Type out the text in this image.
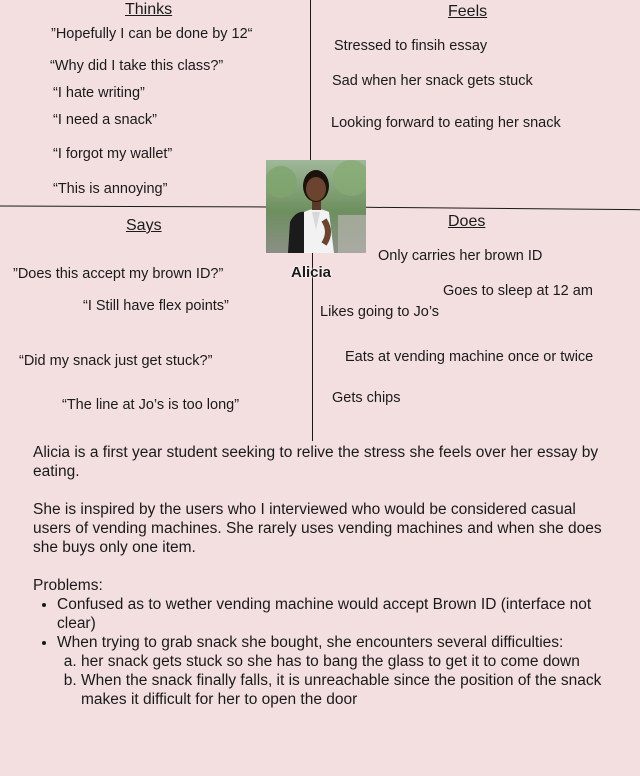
Thinks
”Hopefully I can be done by 12“
“Why did I take this class?”
“I hate writing”
“I need a snack”
“I forgot my wallet”
“This is annoying”
Feels
Stressed to finsih essay
Sad when her snack gets stuck
Looking forward to eating her snack
Alicia
Says
”Does this accept my brown ID?”
“I Still have flex points”
“Did my snack just get stuck?”
“The line at Jo’s is too long”
Does
Only carries her brown ID
Goes to sleep at 12 am
Likes going to Jo’s
Eats at vending machine once or twice
Gets chips

Alicia is a first year student seeking to relive the stress she feels over her essay by eating.

She is inspired by the users who I interviewed who would be considered casual users of vending machines. She rarely uses vending machines and when she does she buys only one item.

Problems:
• Confused as to wether vending machine would accept Brown ID (interface not clear)
• When trying to grab snack she bought, she encounters several difficulties:
a. her snack gets stuck so she has to bang the glass to get it to come down
b. When the snack finally falls, it is unreachable since the position of the snack makes it difficult for her to open the door
